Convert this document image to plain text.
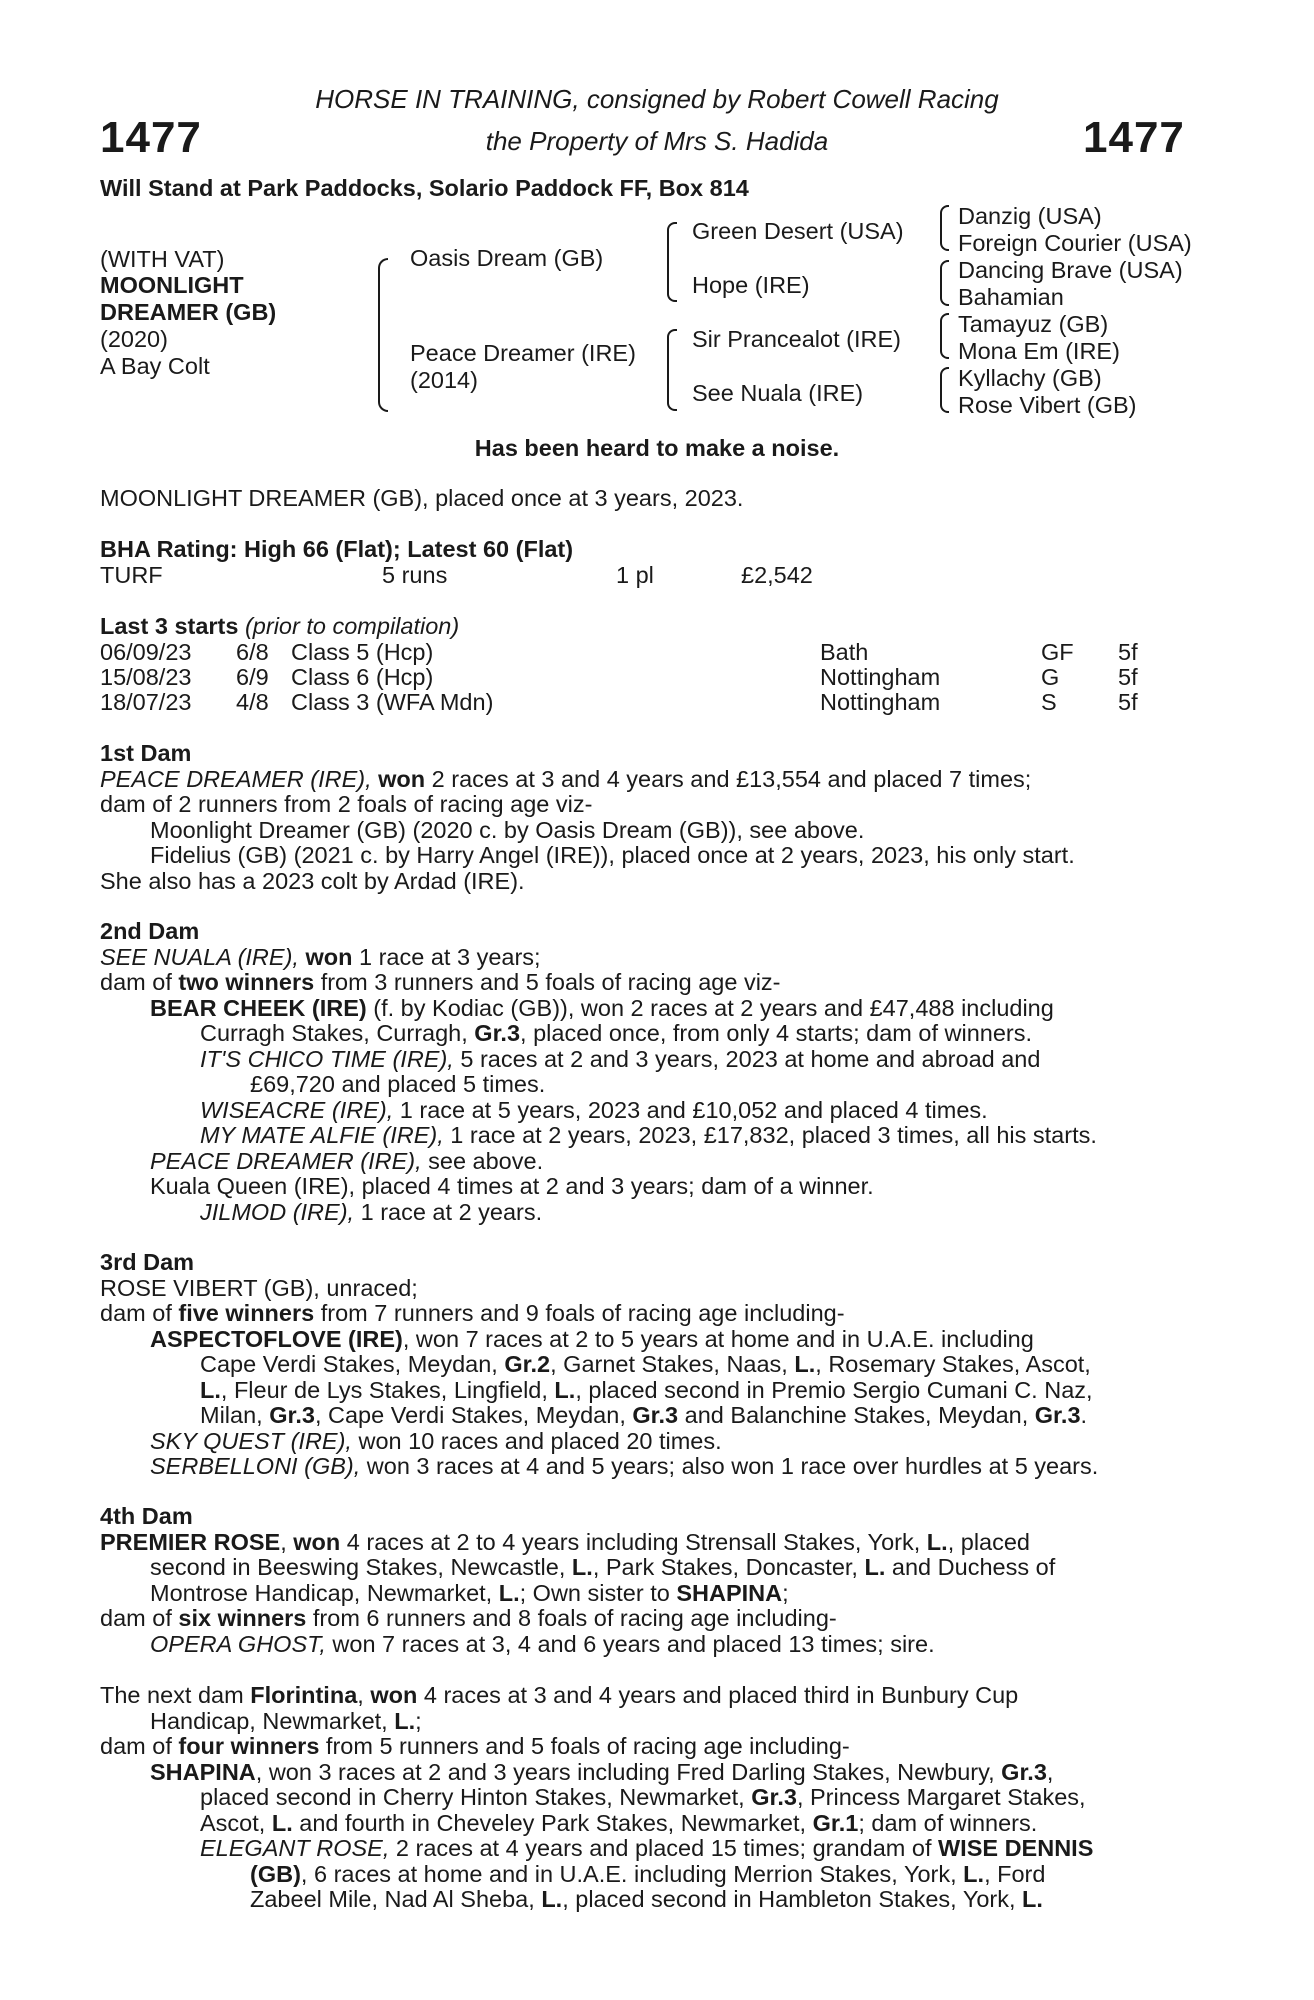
1477	1477
HORSE IN TRAINING, consigned by Robert Cowell Racing
the Property of Mrs S. Hadida
Will Stand at Park Paddocks, Solario Paddock FF, Box 814
(WITH VAT)
MOONLIGHT
DREAMER (GB)
(2020)
A Bay Colt
Oasis Dream (GB)
Peace Dreamer (IRE)
(2014)
Green Desert (USA)
Hope (IRE)
Sir Prancealot (IRE)
See Nuala (IRE)
Danzig (USA)
Foreign Courier (USA)
Dancing Brave (USA)
Bahamian
Tamayuz (GB)
Mona Em (IRE)
Kyllachy (GB)
Rose Vibert (GB)
Has been heard to make a noise.
MOONLIGHT DREAMER (GB), placed once at 3 years, 2023.
BHA Rating: High 66 (Flat); Latest 60 (Flat)
TURF	5 runs	1 pl	£2,542
Last 3 starts (prior to compilation)
06/09/23 6/8 Class 5 (Hcp)	Bath	GF 5f
15/08/23 6/9 Class 6 (Hcp)	Nottingham	G 5f
18/07/23 4/8 Class 3 (WFA Mdn)	Nottingham	S	5f
1st Dam
PEACE DREAMER (IRE), won 2 races at 3 and 4 years and £13,554 and placed 7 times;
dam of 2 runners from 2 foals of racing age viz-
Moonlight Dreamer (GB) (2020 c. by Oasis Dream (GB)), see above.
Fidelius (GB) (2021 c. by Harry Angel (IRE)), placed once at 2 years, 2023, his only start.
She also has a 2023 colt by Ardad (IRE).
2nd Dam
SEE NUALA (IRE), won 1 race at 3 years;
dam of two winners from 3 runners and 5 foals of racing age viz-
BEAR CHEEK (IRE) (f. by Kodiac (GB)), won 2 races at 2 years and £47,488 including
Curragh Stakes, Curragh, Gr.3, placed once, from only 4 starts; dam of winners.
IT'S CHICO TIME (IRE), 5 races at 2 and 3 years, 2023 at home and abroad and
£69,720 and placed 5 times.
WISEACRE (IRE), 1 race at 5 years, 2023 and £10,052 and placed 4 times.
MY MATE ALFIE (IRE), 1 race at 2 years, 2023, £17,832, placed 3 times, all his starts.
PEACE DREAMER (IRE), see above.
Kuala Queen (IRE), placed 4 times at 2 and 3 years; dam of a winner.
JILMOD (IRE), 1 race at 2 years.
3rd Dam
ROSE VIBERT (GB), unraced;
dam of five winners from 7 runners and 9 foals of racing age including-
ASPECTOFLOVE (IRE), won 7 races at 2 to 5 years at home and in U.A.E. including
Cape Verdi Stakes, Meydan, Gr.2, Garnet Stakes, Naas, L., Rosemary Stakes, Ascot,
L., Fleur de Lys Stakes, Lingfield, L., placed second in Premio Sergio Cumani C. Naz,
Milan, Gr.3, Cape Verdi Stakes, Meydan, Gr.3 and Balanchine Stakes, Meydan, Gr.3.
SKY QUEST (IRE), won 10 races and placed 20 times.
SERBELLONI (GB), won 3 races at 4 and 5 years; also won 1 race over hurdles at 5 years.
4th Dam
PREMIER ROSE, won 4 races at 2 to 4 years including Strensall Stakes, York, L., placed
second in Beeswing Stakes, Newcastle, L., Park Stakes, Doncaster, L. and Duchess of
Montrose Handicap, Newmarket, L.; Own sister to SHAPINA;
dam of six winners from 6 runners and 8 foals of racing age including-
OPERA GHOST, won 7 races at 3, 4 and 6 years and placed 13 times; sire.
The next dam Florintina, won 4 races at 3 and 4 years and placed third in Bunbury Cup
Handicap, Newmarket, L.;
dam of four winners from 5 runners and 5 foals of racing age including-
SHAPINA, won 3 races at 2 and 3 years including Fred Darling Stakes, Newbury, Gr.3,
placed second in Cherry Hinton Stakes, Newmarket, Gr.3, Princess Margaret Stakes,
Ascot, L. and fourth in Cheveley Park Stakes, Newmarket, Gr.1; dam of winners.
ELEGANT ROSE, 2 races at 4 years and placed 15 times; grandam of WISE DENNIS
(GB), 6 races at home and in U.A.E. including Merrion Stakes, York, L., Ford
Zabeel Mile, Nad Al Sheba, L., placed second in Hambleton Stakes, York, L.
